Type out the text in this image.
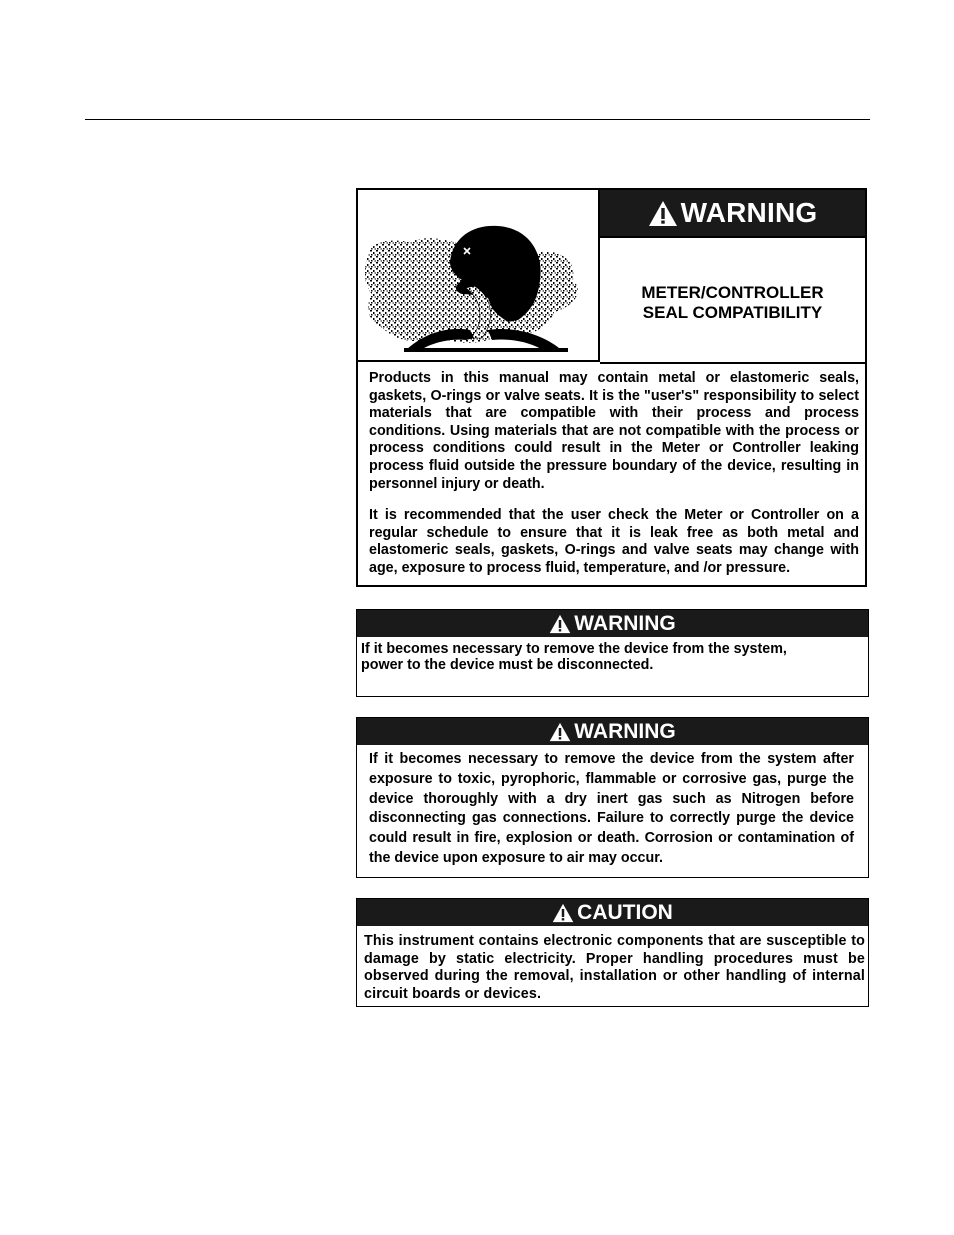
WARNING
METER/CONTROLLER
SEAL COMPATIBILITY

Products in this manual may contain metal or elastomeric seals, gaskets, O-rings or valve seats. It is the "user's" responsibility to select materials that are compatible with their process and process conditions. Using materials that are not compatible with the process or process conditions could result in the Meter or Controller leaking process fluid outside the pressure boundary of the device, resulting in personnel injury or death.

It is recommended that the user check the Meter or Controller on a regular schedule to ensure that it is leak free as both metal and elastomeric seals, gaskets, O-rings and valve seats may change with age, exposure to process fluid, temperature, and /or pressure.

WARNING
If it becomes necessary to remove the device from the system, power to the device must be disconnected.
WARNING
If it becomes necessary to remove the device from the system after exposure to toxic, pyrophoric, flammable or corrosive gas, purge the device thoroughly with a dry inert gas such as Nitrogen before disconnecting gas connections. Failure to correctly purge the device could result in fire, explosion or death. Corrosion or contamination of the device upon exposure to air may occur.
CAUTION
This instrument contains electronic components that are susceptible to damage by static electricity. Proper handling procedures must be observed during the removal, installation or other handling of internal circuit boards or devices.
